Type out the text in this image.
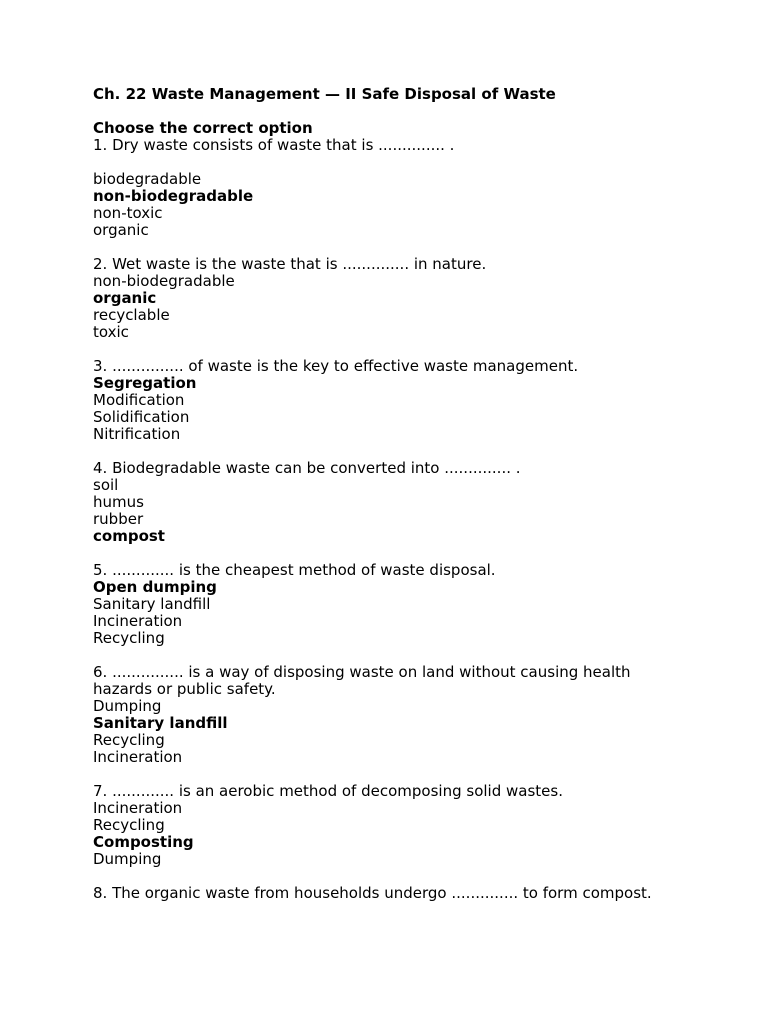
Ch. 22 Waste Management — II Safe Disposal of Waste
Choose the correct option
1. Dry waste consists of waste that is .............. .
biodegradable
non-biodegradable
non-toxic
organic
2. Wet waste is the waste that is .............. in nature.
non-biodegradable
organic
recyclable
toxic
3. ............... of waste is the key to effective waste management.
Segregation
Modification
Solidification
Nitrification
4. Biodegradable waste can be converted into .............. .
soil
humus
rubber
compost
5. ............. is the cheapest method of waste disposal.
Open dumping
Sanitary landfill
Incineration
Recycling
6. ............... is a way of disposing waste on land without causing health hazards or public safety.
Dumping
Sanitary landfill
Recycling
Incineration
7. ............. is an aerobic method of decomposing solid wastes.
Incineration
Recycling
Composting
Dumping
8. The organic waste from households undergo .............. to form compost.
